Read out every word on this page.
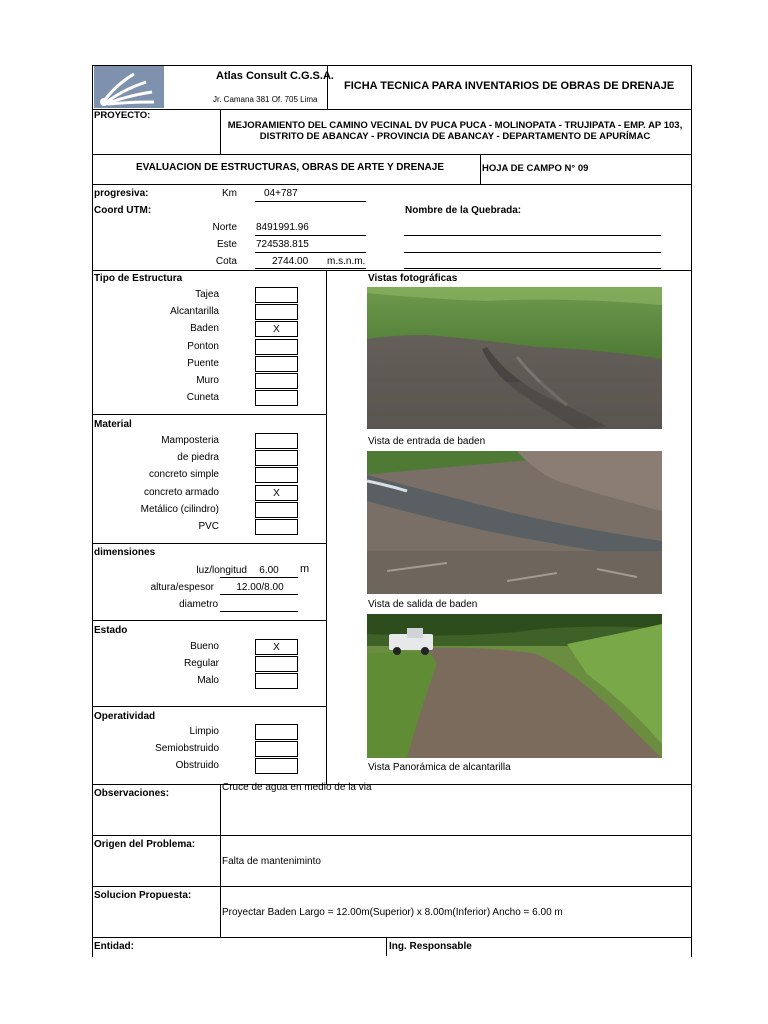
Atlas Consult C.G.S.A.
Jr. Camana 381 Of. 705 Lima
FICHA TECNICA PARA INVENTARIOS DE OBRAS DE DRENAJE
PROYECTO:
MEJORAMIENTO DEL CAMINO VECINAL DV PUCA PUCA - MOLINOPATA - TRUJIPATA - EMP. AP 103,
DISTRITO DE ABANCAY - PROVINCIA DE ABANCAY - DEPARTAMENTO DE APURÍMAC
EVALUACION DE ESTRUCTURAS, OBRAS DE ARTE Y DRENAJE	HOJA DE CAMPO N° 09
progresiva:	Km	04+787
Coord UTM:	Nombre de la Quebrada:
Norte 8491991.96
Este 724538.815
Cota	2744.00 m.s.n.m.
Tipo de Estructura
Tajea
Alcantarilla
Baden	X
Ponton
Puente
Muro
Cuneta
Material
Mamposteria
de piedra
concreto simple
concreto armado	X
Metálico (cilindro)
PVC
dimensiones
luz/longitud	6.00	m
altura/espesor	12.00/8.00
diametro
Estado
Bueno	X
Regular
Malo
Operatividad
Limpio
Semiobstruido
Obstruido
Vistas fotográficas
Vista de entrada de baden
Vista de salida de baden
Vista Panorámica de alcantarilla
Observaciones:
Cruce de agua en medio de la via
Origen del Problema:
Falta de manteniminto
Solucion Propuesta:
Proyectar Baden Largo = 12.00m(Superior) x 8.00m(Inferior) Ancho = 6.00 m
Entidad:	Ing. Responsable
